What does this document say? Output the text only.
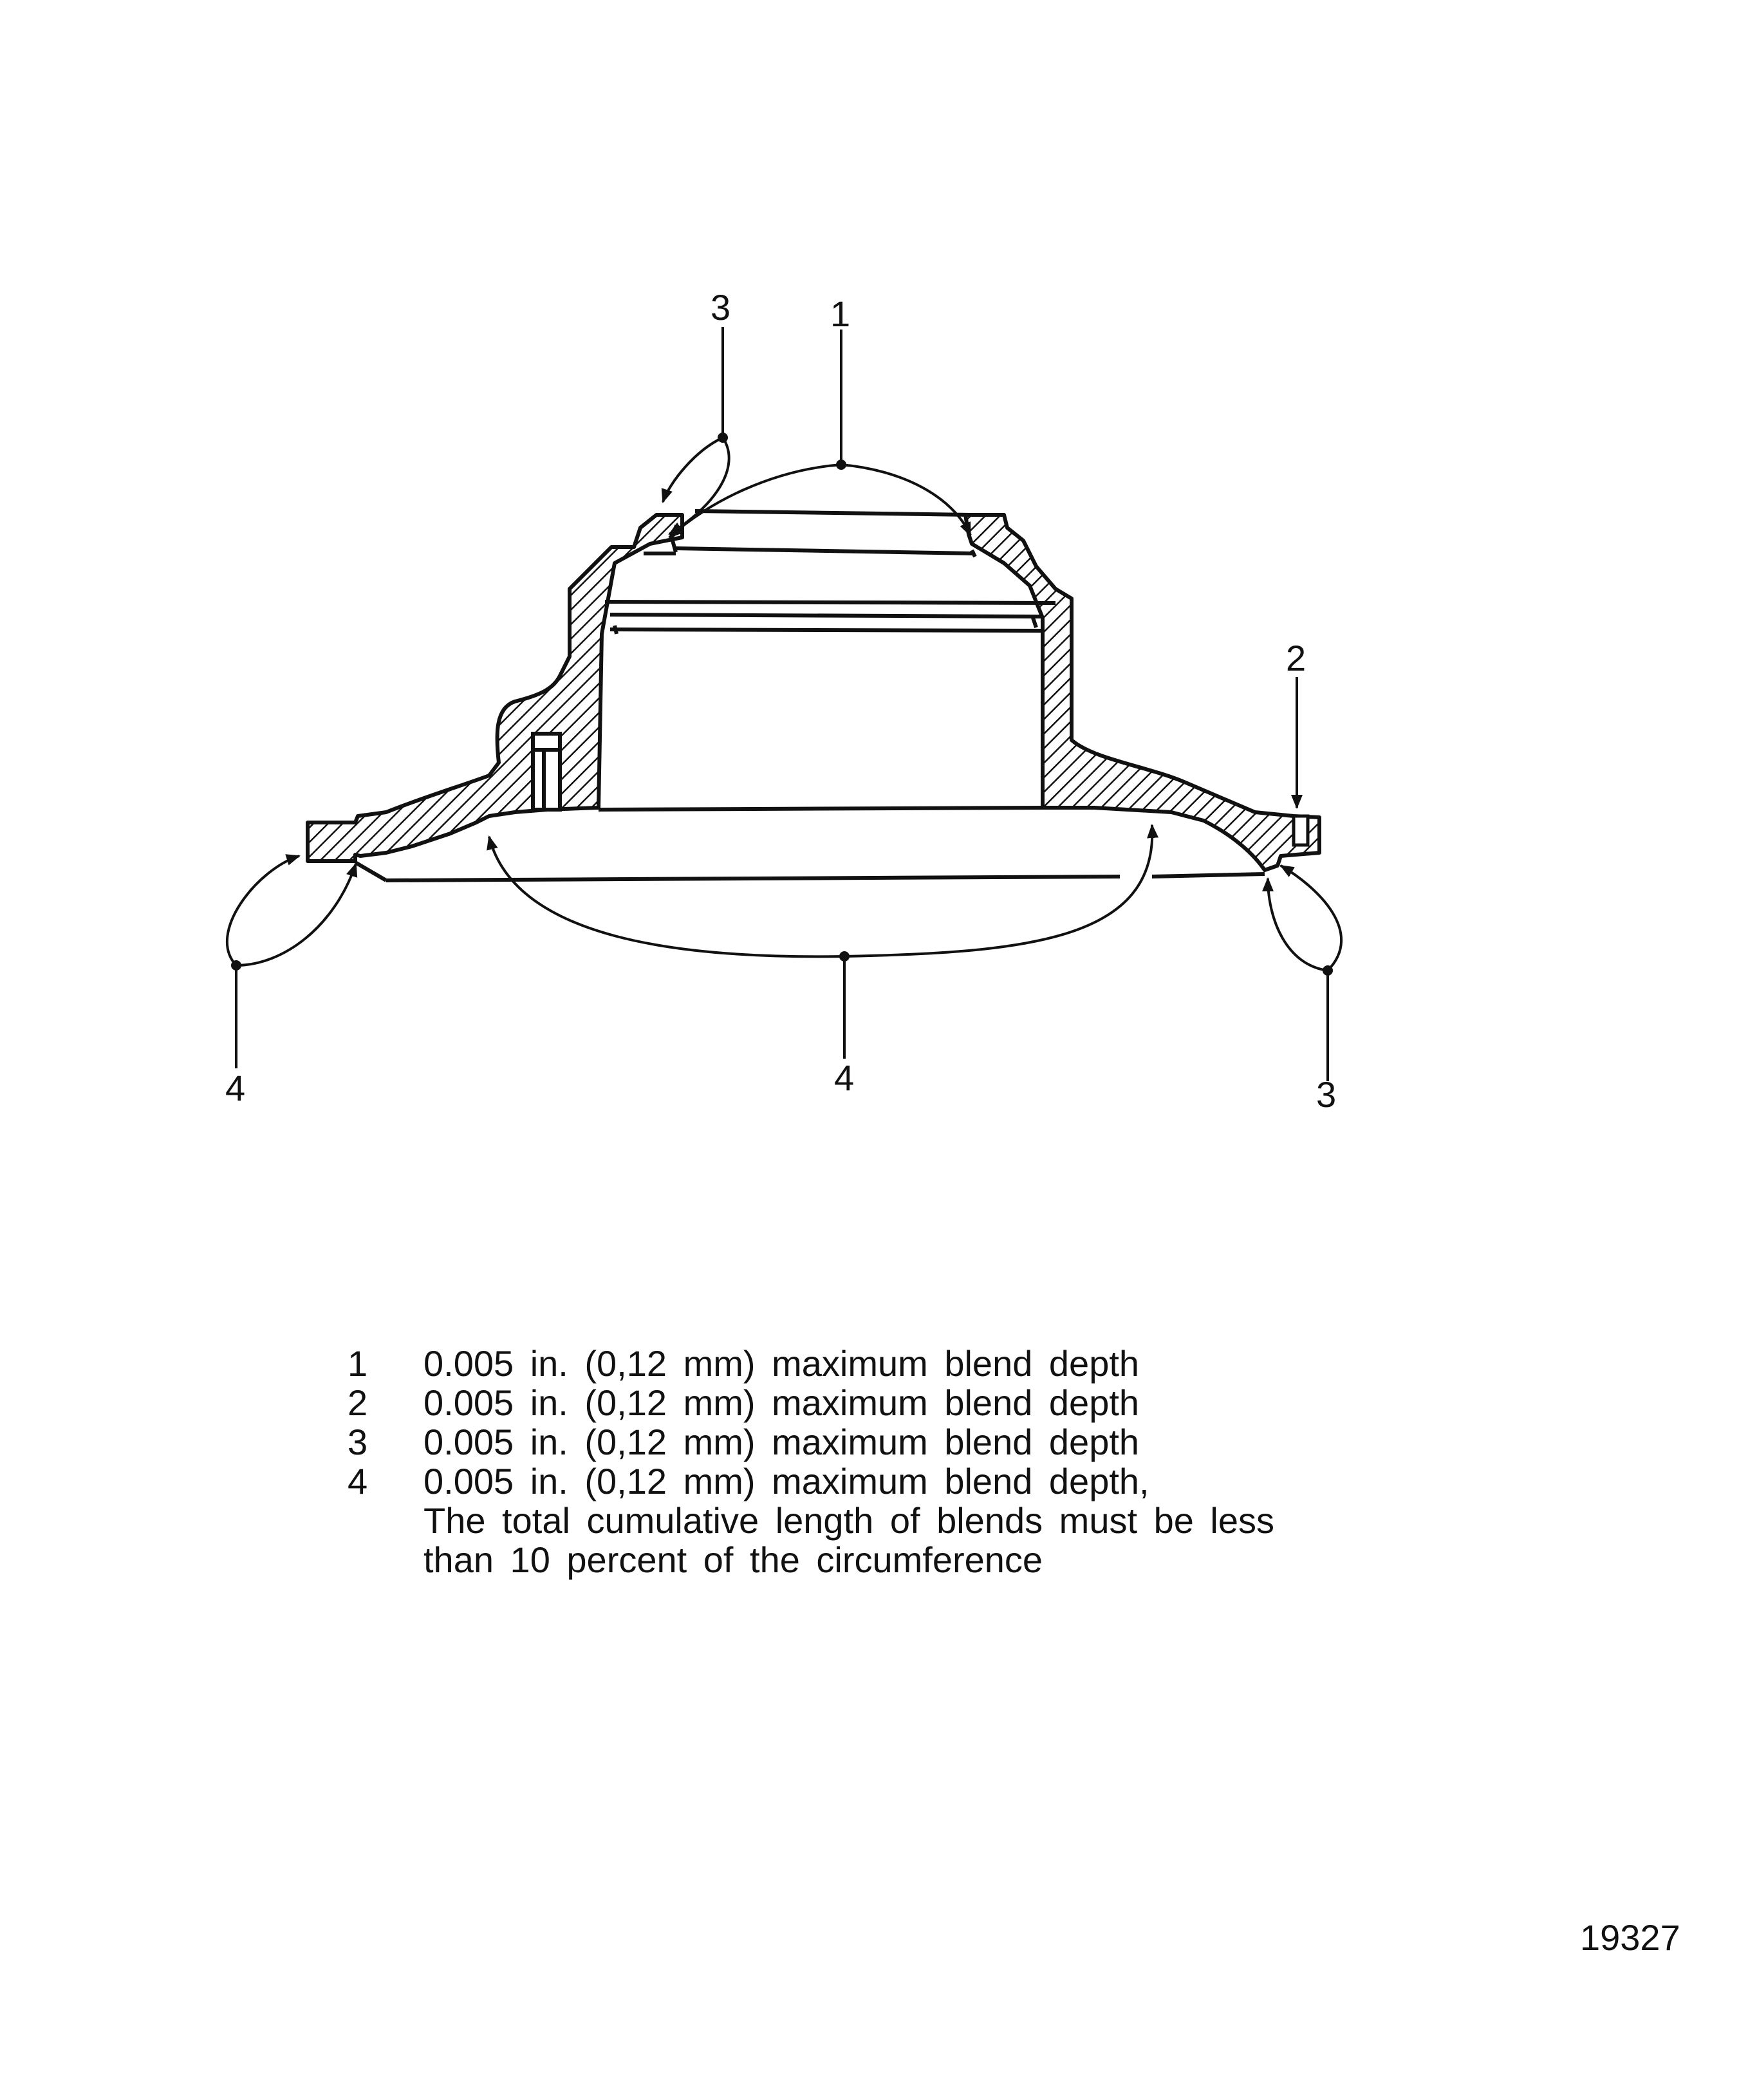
3	1
2
4	4	3
1	0.005 in. (0,12 mm) maximum blend depth
2	0.005 in. (0,12 mm) maximum blend depth
3	0.005 in. (0,12 mm) maximum blend depth
4	0.005 in. (0,12 mm) maximum blend depth,
The total cumulative length of blends must be less
than 10 percent of the circumference
19327
